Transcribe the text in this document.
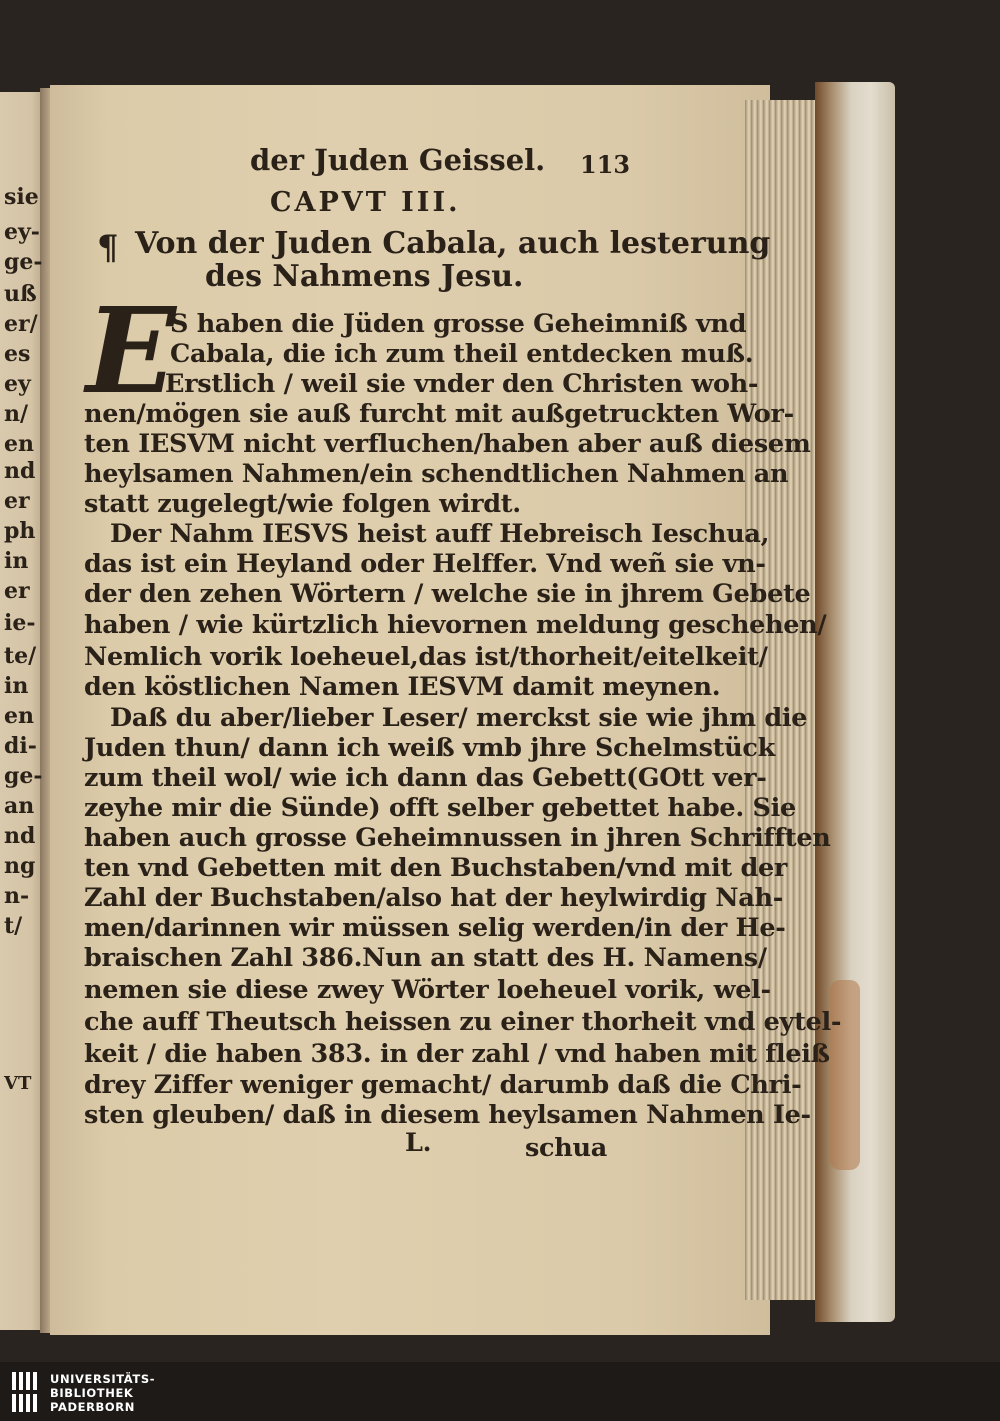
sie
ey-
ge-
uß
er/
es
ey
n/
en
nd
er
ph
in
er
ie-
te/
in
en
di-
ge-
an
nd
ng
n-
t/
VT
der Juden Geissel. 113
CAPVT III.
¶ Von der Juden Cabala, auch lesterung
des Nahmens Jesu.
E
S haben die Jüden grosse Geheimniß vnd
Cabala, die ich zum theil entdecken muß.
Erstlich / weil sie vnder den Christen woh-
nen/mögen sie auß furcht mit außgetruckten Wor-
ten IESVM nicht verfluchen/haben aber auß diesem
heylsamen Nahmen/ein schendtlichen Nahmen an
statt zugelegt/wie folgen wirdt.
Der Nahm IESVS heist auff Hebreisch Ieschua,
das ist ein Heyland oder Helffer. Vnd weñ sie vn-
der den zehen Wörtern / welche sie in jhrem Gebete
haben / wie kürtzlich hievornen meldung geschehen/
Nemlich vorik loeheuel,das ist/thorheit/eitelkeit/
den köstlichen Namen IESVM damit meynen.
Daß du aber/lieber Leser/ merckst sie wie jhm die
Juden thun/ dann ich weiß vmb jhre Schelmstück
zum theil wol/ wie ich dann das Gebett(GOtt ver-
zeyhe mir die Sünde) offt selber gebettet habe. Sie
haben auch grosse Geheimnussen in jhren Schrifften
ten vnd Gebetten mit den Buchstaben/vnd mit der
Zahl der Buchstaben/also hat der heylwirdig Nah-
men/darinnen wir müssen selig werden/in der He-
braischen Zahl 386.Nun an statt des H. Namens/
nemen sie diese zwey Wörter loeheuel vorik, wel-
che auff Theutsch heissen zu einer thorheit vnd eytel-
keit / die haben 383. in der zahl / vnd haben mit fleiß
drey Ziffer weniger gemacht/ darumb daß die Chri-
sten gleuben/ daß in diesem heylsamen Nahmen Ie-
L.	schua
UNIVERSITÄTS-
BIBLIOTHEK
PADERBORN
